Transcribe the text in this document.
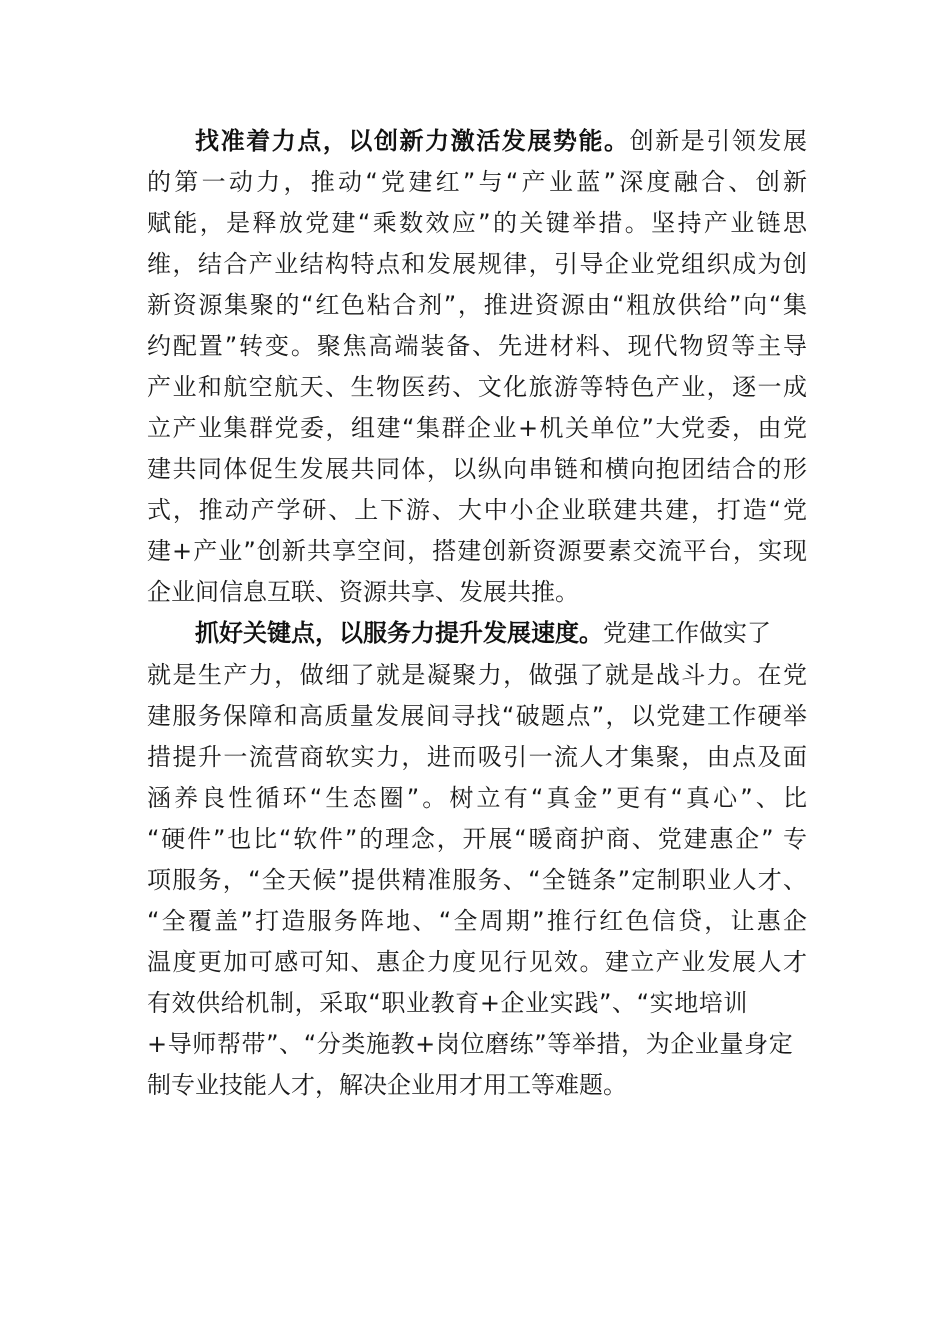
找准着力点，以创新力激活发展势能。创新是引领发展
的第一动力，推动“党建红”与“产业蓝”深度融合、创新
赋能，是释放党建“乘数效应”的关键举措。坚持产业链思
维，结合产业结构特点和发展规律，引导企业党组织成为创
新资源集聚的“红色粘合剂”，推进资源由“粗放供给”向“集
约配置”转变。聚焦高端装备、先进材料、现代物贸等主导
产业和航空航天、生物医药、文化旅游等特色产业，逐一成
立产业集群党委，组建“集群企业+机关单位”大党委，由党
建共同体促生发展共同体，以纵向串链和横向抱团结合的形
式，推动产学研、上下游、大中小企业联建共建，打造“党
建+产业”创新共享空间，搭建创新资源要素交流平台，实现
企业间信息互联、资源共享、发展共推。
抓好关键点，以服务力提升发展速度。党建工作做实了
就是生产力，做细了就是凝聚力，做强了就是战斗力。在党
建服务保障和高质量发展间寻找“破题点”，以党建工作硬举
措提升一流营商软实力，进而吸引一流人才集聚，由点及面
涵养良性循环“生态圈”。树立有“真金”更有“真心”、比
“硬件”也比“软件”的理念，开展“暖商护商、党建惠企” 专
项服务，“全天候”提供精准服务、“全链条”定制职业人才、
“全覆盖”打造服务阵地、“全周期”推行红色信贷，让惠企
温度更加可感可知、惠企力度见行见效。建立产业发展人才
有效供给机制，采取“职业教育+企业实践”、“实地培训
+导师帮带”、“分类施教+岗位磨练”等举措，为企业量身定
制专业技能人才，解决企业用才用工等难题。
